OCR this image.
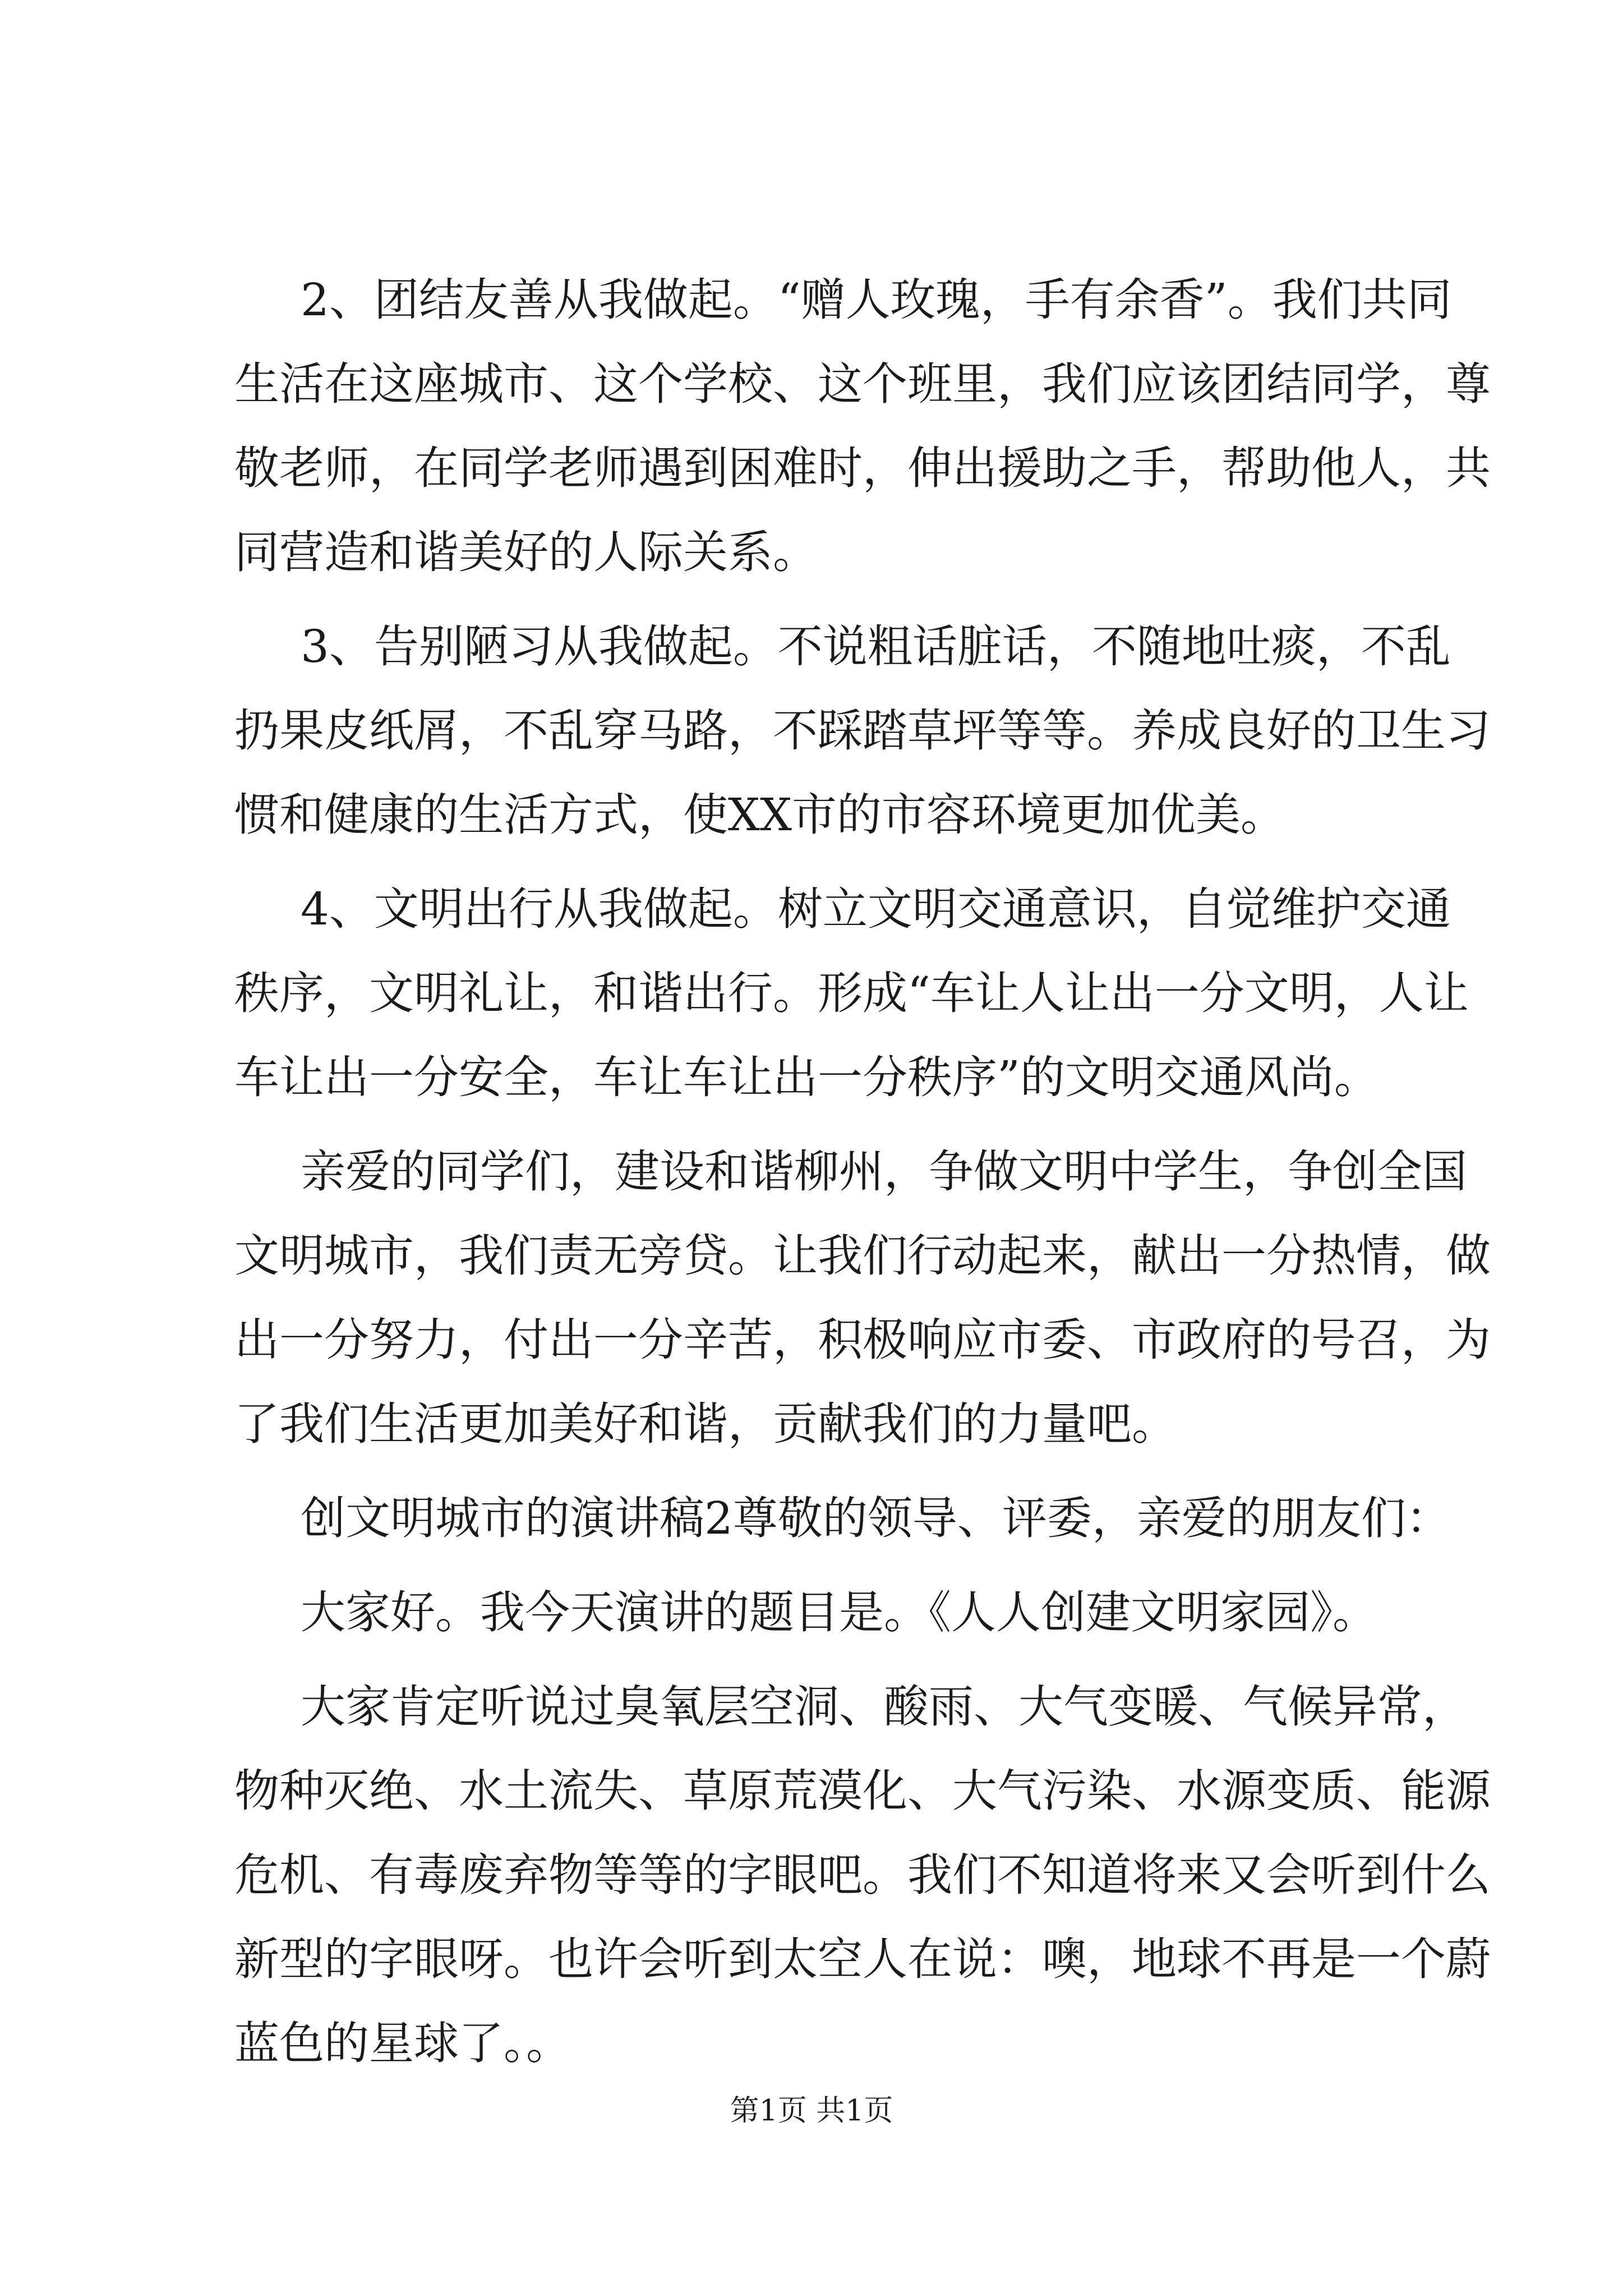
2、团结友善从我做起。“赠人玫瑰，手有余香”。我们共同
生活在这座城市、这个学校、这个班里，我们应该团结同学，尊
敬老师，在同学老师遇到困难时，伸出援助之手，帮助他人，共
同营造和谐美好的人际关系。
3、告别陋习从我做起。不说粗话脏话，不随地吐痰，不乱
扔果皮纸屑，不乱穿马路，不踩踏草坪等等。养成良好的卫生习
惯和健康的生活方式，使XX市的市容环境更加优美。
4、文明出行从我做起。树立文明交通意识，自觉维护交通
秩序，文明礼让，和谐出行。形成“车让人让出一分文明，人让
车让出一分安全，车让车让出一分秩序”的文明交通风尚。
亲爱的同学们，建设和谐柳州，争做文明中学生，争创全国
文明城市，我们责无旁贷。让我们行动起来，献出一分热情，做
出一分努力，付出一分辛苦，积极响应市委、市政府的号召，为
了我们生活更加美好和谐，贡献我们的力量吧。
创文明城市的演讲稿2尊敬的领导、评委，亲爱的朋友们：
大家好。我今天演讲的题目是。《人人创建文明家园》。
大家肯定听说过臭氧层空洞、酸雨、大气变暖、气候异常，
物种灭绝、水土流失、草原荒漠化、大气污染、水源变质、能源
危机、有毒废弃物等等的字眼吧。我们不知道将来又会听到什么
新型的字眼呀。也许会听到太空人在说：噢，地球不再是一个蔚
蓝色的星球了。。
第1页 共1页
